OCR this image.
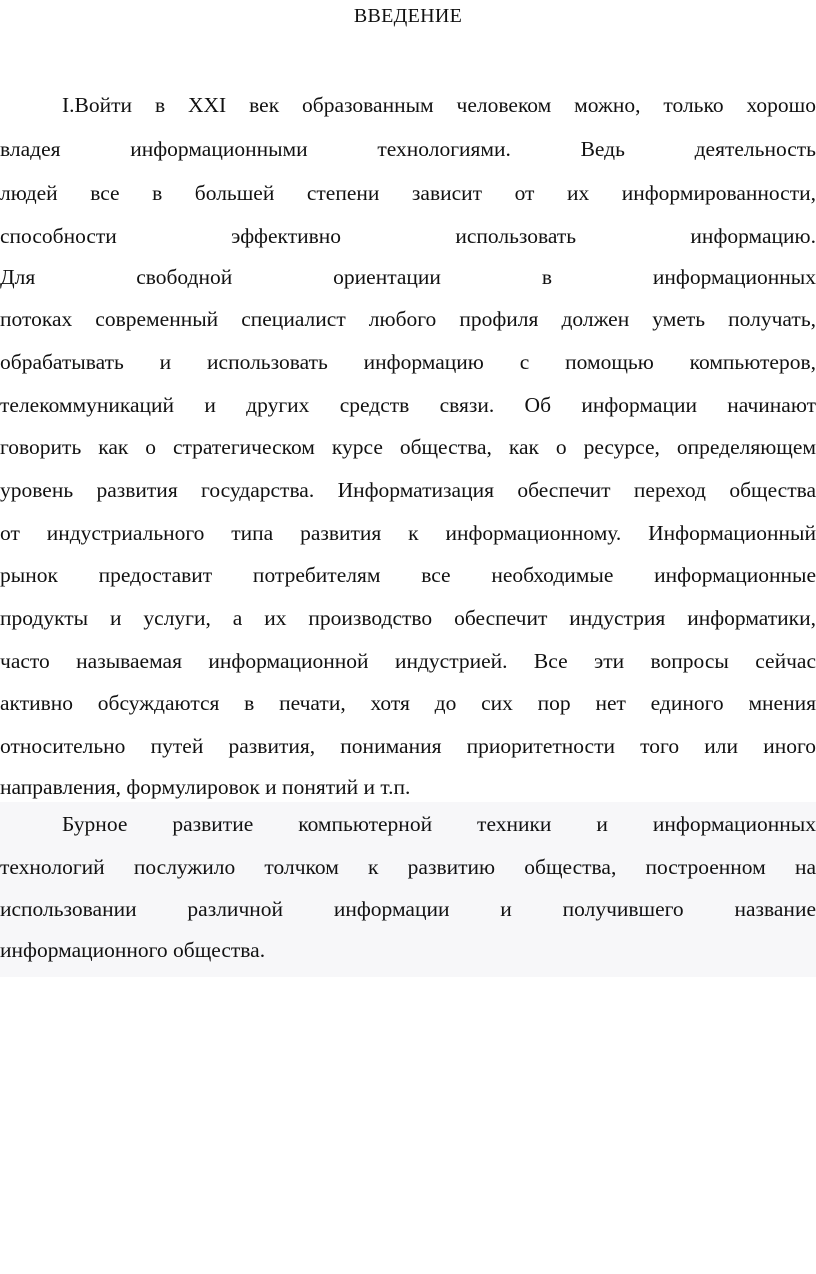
ВВЕДЕНИЕ
I.Войти в XXI век образованным человеком можно, только хорошо
владея информационными технологиями. Ведь деятельность
людей все в большей степени зависит от их информированности,
способности эффективно использовать информацию.
Для свободной ориентации в информационных
потоках современный специалист любого профиля должен уметь получать,
обрабатывать и использовать информацию с помощью компьютеров,
телекоммуникаций и других средств связи. Об информации начинают
говорить как о стратегическом курсе общества, как о ресурсе, определяющем
уровень развития государства. Информатизация обеспечит переход общества
от индустриального типа развития к информационному. Информационный
рынок предоставит потребителям все необходимые информационные
продукты и услуги, а их производство обеспечит индустрия информатики,
часто называемая информационной индустрией. Все эти вопросы сейчас
активно обсуждаются в печати, хотя до сих пор нет единого мнения
относительно путей развития, понимания приоритетности того или иного
направления, формулировок и понятий и т.п.
Бурное развитие компьютерной техники и информационных
технологий послужило толчком к развитию общества, построенном на
использовании различной информации и получившего название
информационного общества.
